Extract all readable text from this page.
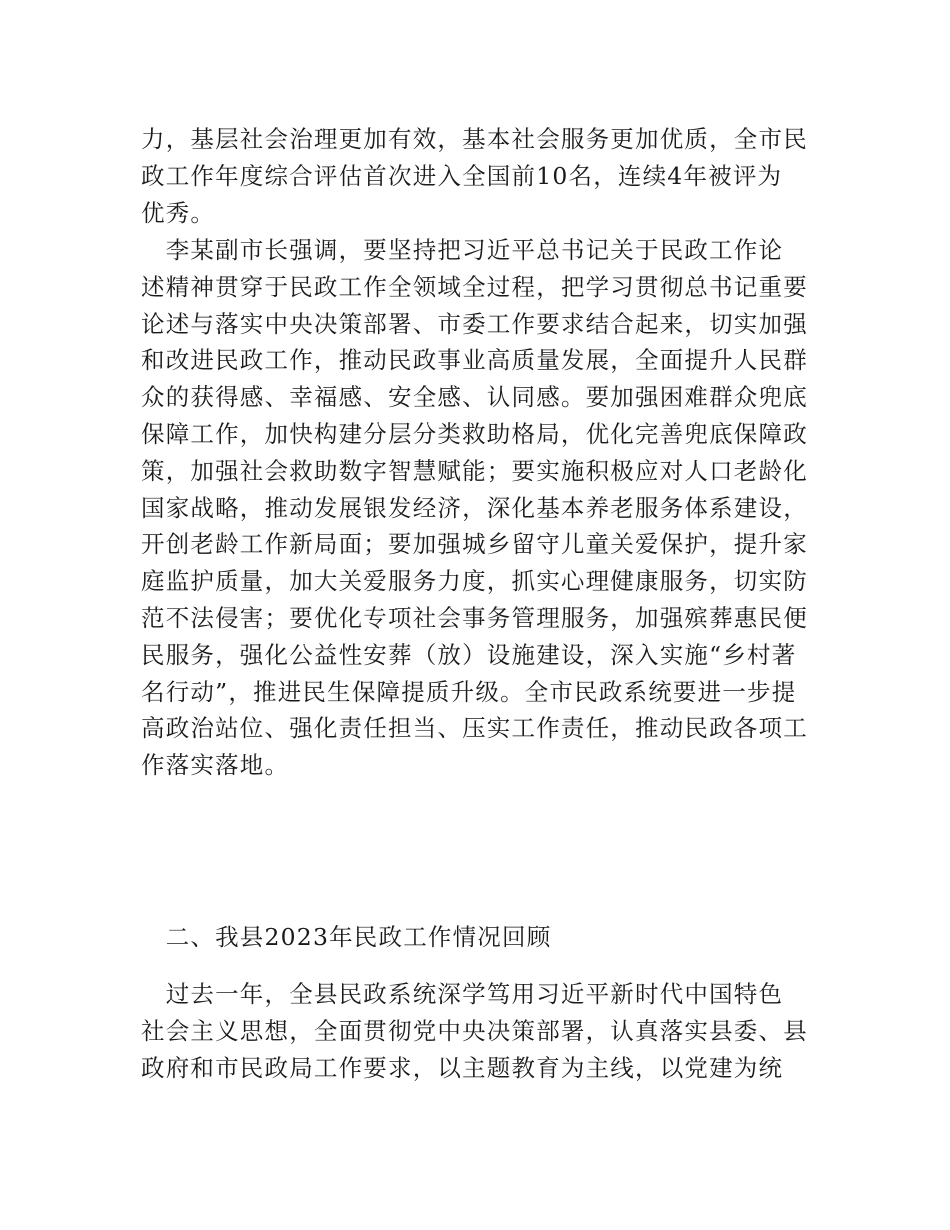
力，基层社会治理更加有效，基本社会服务更加优质，全市民
政工作年度综合评估首次进入全国前10名，连续4年被评为
优秀。
　李某副市长强调，要坚持把习近平总书记关于民政工作论
述精神贯穿于民政工作全领域全过程，把学习贯彻总书记重要
论述与落实中央决策部署、市委工作要求结合起来，切实加强
和改进民政工作，推动民政事业高质量发展，全面提升人民群
众的获得感、幸福感、安全感、认同感。要加强困难群众兜底
保障工作，加快构建分层分类救助格局，优化完善兜底保障政
策，加强社会救助数字智慧赋能；要实施积极应对人口老龄化
国家战略，推动发展银发经济，深化基本养老服务体系建设，
开创老龄工作新局面；要加强城乡留守儿童关爱保护，提升家
庭监护质量，加大关爱服务力度，抓实心理健康服务，切实防
范不法侵害；要优化专项社会事务管理服务，加强殡葬惠民便
民服务，强化公益性安葬（放）设施建设，深入实施“乡村著
名行动”，推进民生保障提质升级。全市民政系统要进一步提
高政治站位、强化责任担当、压实工作责任，推动民政各项工
作落实落地。
　二、我县2023年民政工作情况回顾
　过去一年，全县民政系统深学笃用习近平新时代中国特色
社会主义思想，全面贯彻党中央决策部署，认真落实县委、县
政府和市民政局工作要求，以主题教育为主线，以党建为统
